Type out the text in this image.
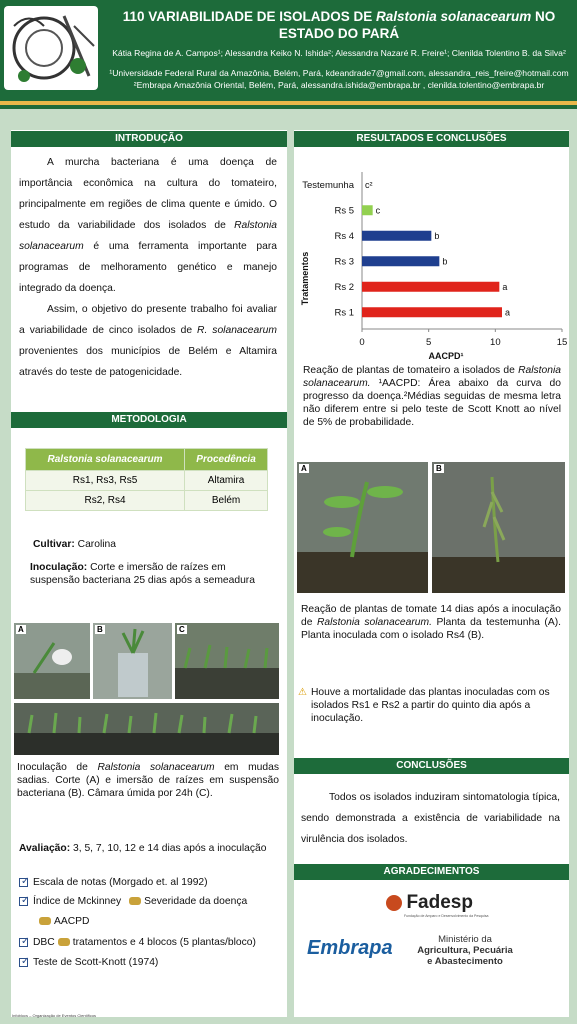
110 VARIABILIDADE DE ISOLADOS DE Ralstonia solanacearum NO ESTADO DO PARÁ
Kátia Regina de A. Campos¹; Alessandra Keiko N. Ishida²; Alessandra Nazaré R. Freire¹; Clenilda Tolentino B. da Silva²
¹Universidade Federal Rural da Amazônia, Belém, Pará, kdeandrade7@gmail.com, alessandra_reis_freire@hotmail.com
²Embrapa Amazônia Oriental, Belém, Pará, alessandra.ishida@embrapa.br , clenilda.tolentino@embrapa.br
INTRODUÇÃO

A murcha bacteriana é uma doença de importância econômica na cultura do tomateiro, principalmente em regiões de clima quente e úmido. O estudo da variabilidade dos isolados de Ralstonia solanacearum é uma ferramenta importante para programas de melhoramento genético e manejo integrado da doença.

Assim, o objetivo do presente trabalho foi avaliar a variabilidade de cinco isolados de R. solanacearum provenientes dos municípios de Belém e Altamira através do teste de patogenicidade.

METODOLOGIA
Ralstonia solanacearum	Procedência
Rs1, Rs3, Rs5	Altamira
Rs2, Rs4	Belém
Cultivar: Carolina
Inoculação: Corte e imersão de raízes em suspensão bacteriana 25 dias após a semeadura
A	B	C
Inoculação de Ralstonia solanacearum em mudas sadias. Corte (A) e imersão de raízes em suspensão bacteriana (B). Câmara úmida por 24h (C).
Avaliação: 3, 5, 7, 10, 12 e 14 dias após a inoculação
✓Escala de notas (Morgado et. al 1992)
✓Índice de Mckinney Severidade da doença
AACPD
✓DBC tratamentos e 4 blocos (5 plantas/bloco)
✓Teste de Scott-Knott (1974)
Infoblocs – Organização de Eventos Científicos
RESULTADOS E CONCLUSÕES
Testemunha c²
Rs 5 c
Rs 4	b
Rs 3	b
Rs 2	a
Rs 1	a
0	5	10	15
AACPD¹
Tratamentos
Reação de plantas de tomateiro a isolados de Ralstonia solanacearum. ¹AACPD: Área abaixo da curva do progresso da doença.²Médias seguidas de mesma letra não diferem entre si pelo teste de Scott Knott ao nível de 5% de probabilidade.
A	B
Reação de plantas de tomate 14 dias após a inoculação de Ralstonia solanacearum. Planta da testemunha (A). Planta inoculada com o isolado Rs4 (B).
⚠ Houve a mortalidade das plantas inoculadas com os isolados Rs1 e Rs2 a partir do quinto dia após a inoculação.
CONCLUSÕES
Todos os isolados induziram sintomatologia típica, sendo demonstrada a existência de variabilidade na virulência dos isolados.
AGRADECIMENTOS
Fadesp
Fundação de Amparo e Desenvolvimento da Pesquisa
Embrapa	Ministério da
Agricultura, Pecuária
e Abastecimento
